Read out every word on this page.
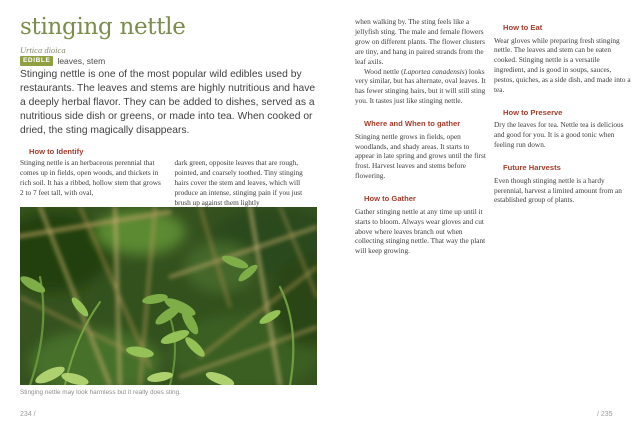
stinging nettle
Urtica dioica
EDIBLE leaves, stem

Stinging nettle is one of the most popular wild edibles used by restaurants. The leaves and stems are highly nutritious and have a deeply herbal flavor. They can be added to dishes, served as a nutritious side dish or greens, or made into tea. When cooked or dried, the sting magically disappears.

How to Identify

Stinging nettle is an herbaceous perennial that comes up in fields, open woods, and thickets in rich soil. It has a ribbed, hollow stem that grows 2 to 7 feet tall, with oval,

dark green, opposite leaves that are rough, pointed, and coarsely toothed. Tiny stinging hairs cover the stem and leaves, which will produce an intense, stinging pain if you just brush up against them lightly

Stinging nettle may look harmless but it really does sting.
234 /

when walking by. The sting feels like a jellyfish sting. The male and female flowers grow on different plants. The flower clusters are tiny, and hang in paired strands from the leaf axils.

Wood nettle (Laportea canadensis) looks very similar, but has alternate, oval leaves. It has fewer stinging hairs, but it will still sting you. It tastes just like stinging nettle.

Where and When to gather

Stinging nettle grows in fields, open woodlands, and shady areas. It starts to appear in late spring and grows until the first frost. Harvest leaves and stems before flowering.

How to Gather

Gather stinging nettle at any time up until it starts to bloom. Always wear gloves and cut above where leaves branch out when collecting stinging nettle. That way the plant will keep growing.

How to Eat

Wear gloves while preparing fresh stinging nettle. The leaves and stem can be eaten cooked. Stinging nettle is a versatile ingredient, and is good in soups, sauces, pestos, quiches, as a side dish, and made into a tea.

How to Preserve

Dry the leaves for tea. Nettle tea is delicious and good for you. It is a good tonic when feeling run down.

Future Harvests

Even though stinging nettle is a hardy perennial, harvest a limited amount from an established group of plants.

/ 235
